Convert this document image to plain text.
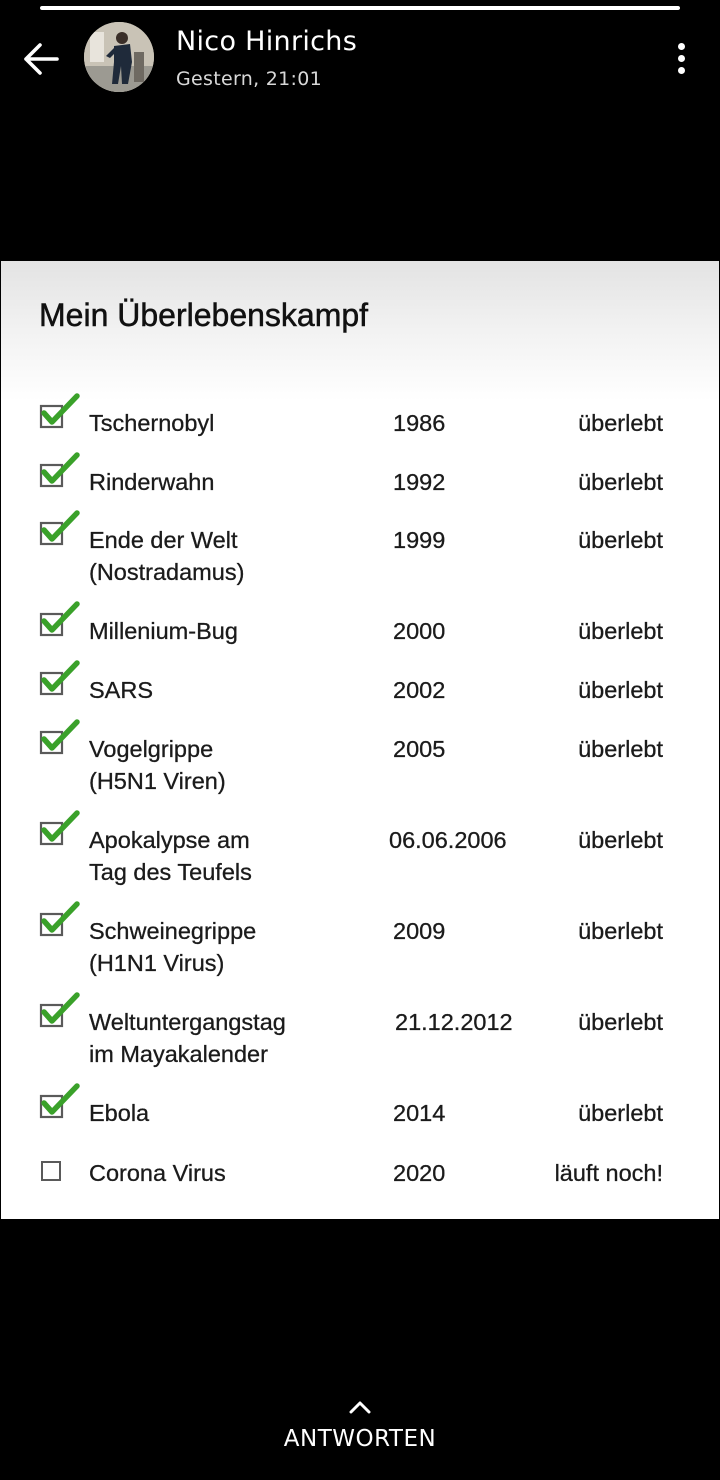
Nico Hinrichs
Gestern, 21:01
Mein Überlebenskampf
Tschernobyl	1986	überlebt
Rinderwahn	1992	überlebt
Ende der Welt
(Nostradamus)
1999	überlebt
Millenium-Bug	2000	überlebt
SARS	2002	überlebt
Vogelgrippe
(H5N1 Viren)
2005	überlebt
Apokalypse am
Tag des Teufels
06.06.2006	überlebt
Schweinegrippe
(H1N1 Virus)
2009	überlebt
Weltuntergangstag
im Mayakalender
21.12.2012	überlebt
Ebola	2014	überlebt
Corona Virus	2020	läuft noch!
ANTWORTEN
